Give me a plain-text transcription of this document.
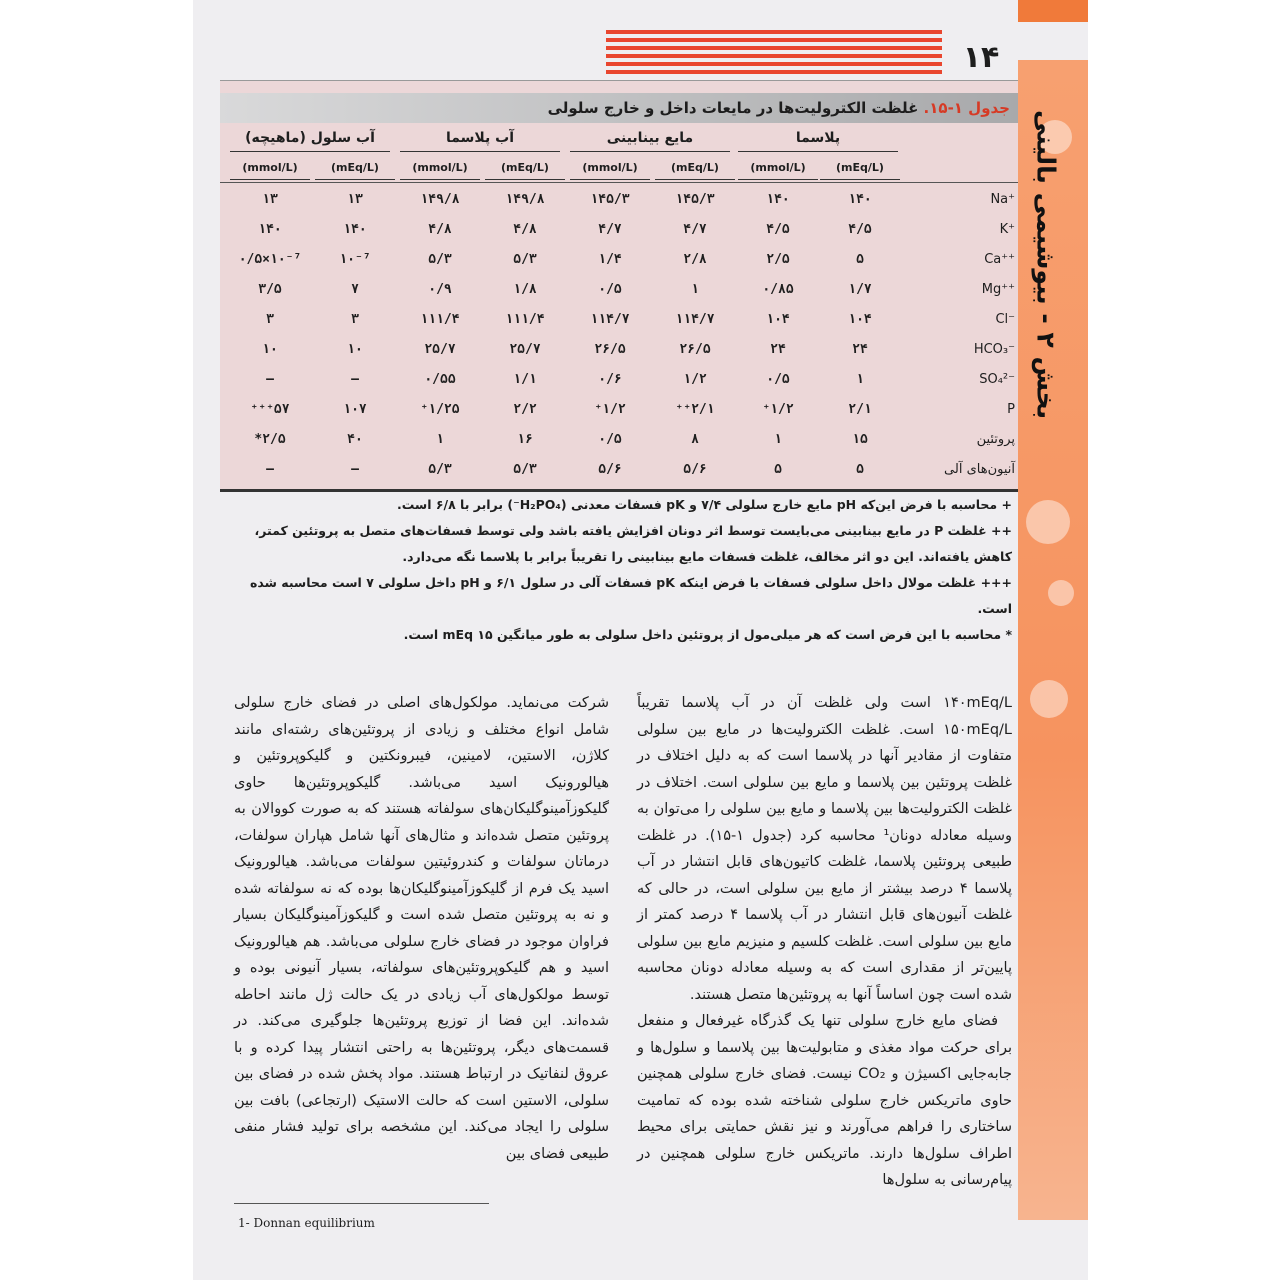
۱۴
بخش ۲ - بیوشیمی بالینی
جدول ۱-۱۵. غلظت الکترولیت‌ها در مایعات داخل و خارج سلولی
پلاسما
مایع بینابینی
آب پلاسما
آب سلول (ماهیچه)
(mEq/L)
(mmol/L)
(mEq/L)
(mmol/L)
(mEq/L)
(mmol/L)
(mEq/L)
(mmol/L)
Na⁺
۱۴۰
۱۴۰
۱۴۵/۳
۱۴۵/۳
۱۴۹/۸
۱۴۹/۸
۱۳
۱۳
K⁺
۴/۵
۴/۵
۴/۷
۴/۷
۴/۸
۴/۸
۱۴۰
۱۴۰
Ca⁺⁺
۵
۲/۵
۲/۸
۱/۴
۵/۳
۵/۳
۱۰⁻⁷
۰/۵×۱۰⁻⁷
Mg⁺⁺
۱/۷
۰/۸۵
۱
۰/۵
۱/۸
۰/۹
۷
۳/۵
Cl⁻
۱۰۴
۱۰۴
۱۱۴/۷
۱۱۴/۷
۱۱۱/۴
۱۱۱/۴
۳
۳
HCO₃⁻
۲۴
۲۴
۲۶/۵
۲۶/۵
۲۵/۷
۲۵/۷
۱۰
۱۰
SO₄²⁻
۱
۰/۵
۱/۲
۰/۶
۱/۱
۰/۵۵
–
–
P
۲/۱
⁺۱/۲
⁺⁺۲/۱
⁺۱/۲
۲/۲
⁺۱/۲۵
۱۰۷
⁺⁺⁺۵۷
پروتئین
۱۵
۱
۸
۰/۵
۱۶
۱
۴۰
*۲/۵
آنیون‌های آلی
۵
۵
۵/۶
۵/۶
۵/۳
۵/۳
–
–

+ محاسبه با فرض این‌که pH مایع خارج سلولی ۷/۴ و pK فسفات معدنی (H₂PO₄⁻) برابر با ۶/۸ است.

++ غلظت P در مایع بینابینی می‌بایست توسط اثر دونان افزایش یافته باشد ولی توسط فسفات‌های متصل به پروتئین کمتر، کاهش یافته‌اند. این دو اثر مخالف، غلظت فسفات مایع بینابینی را تقریباً برابر با پلاسما نگه می‌دارد.

+++ غلظت مولال داخل سلولی فسفات با فرض اینکه pK فسفات آلی در سلول ۶/۱ و pH داخل سلولی ۷ است محاسبه شده است.

* محاسبه با این فرض است که هر میلی‌مول از پروتئین داخل سلولی به طور میانگین ۱۵ mEq است.

۱۴۰mEq/L است ولی غلظت آن در آب پلاسما تقریباً ۱۵۰mEq/L است. غلظت الکترولیت‌ها در مایع بین سلولی متفاوت از مقادیر آنها در پلاسما است که به دلیل اختلاف در غلظت پروتئین بین پلاسما و مایع بین سلولی است. اختلاف در غلظت الکترولیت‌ها بین پلاسما و مایع بین سلولی را می‌توان به وسیله معادله دونان¹ محاسبه کرد (جدول ۱-۱۵). در غلظت طبیعی پروتئین پلاسما، غلظت کاتیون‌های قابل انتشار در آب پلاسما ۴ درصد بیشتر از مایع بین سلولی است، در حالی که غلظت آنیون‌های قابل انتشار در آب پلاسما ۴ درصد کمتر از مایع بین سلولی است. غلظت کلسیم و منیزیم مایع بین سلولی پایین‌تر از مقداری است که به وسیله معادله دونان محاسبه شده است چون اساساً آنها به پروتئین‌ها متصل هستند.

فضای مایع خارج سلولی تنها یک گذرگاه غیرفعال و منفعل برای حرکت مواد مغذی و متابولیت‌ها بین پلاسما و سلول‌ها و جابه‌جایی اکسیژن و CO₂ نیست. فضای خارج سلولی همچنین حاوی ماتریکس خارج سلولی شناخته شده بوده که تمامیت ساختاری را فراهم می‌آورند و نیز نقش حمایتی برای محیط اطراف سلول‌ها دارند. ماتریکس خارج سلولی همچنین در پیام‌رسانی به سلول‌ها

شرکت می‌نماید. مولکول‌های اصلی در فضای خارج سلولی شامل انواع مختلف و زیادی از پروتئین‌های رشته‌ای مانند کلاژن، الاستین، لامینین، فیبرونکتین و گلیکوپروتئین و هیالورونیک اسید می‌باشد. گلیکوپروتئین‌ها حاوی گلیکوزآمینوگلیکان‌های سولفاته هستند که به صورت کووالان به پروتئین متصل شده‌اند و مثال‌های آنها شامل هپاران سولفات، درماتان سولفات و کندروئیتین سولفات می‌باشد. هیالورونیک اسید یک فرم از گلیکوزآمینوگلیکان‌ها بوده که نه سولفاته شده و نه به پروتئین متصل شده است و گلیکوزآمینوگلیکان بسیار فراوان موجود در فضای خارج سلولی می‌باشد. هم هیالورونیک اسید و هم گلیکوپروتئین‌های سولفاته، بسیار آنیونی بوده و توسط مولکول‌های آب زیادی در یک حالت ژل مانند احاطه شده‌اند. این فضا از توزیع پروتئین‌ها جلوگیری می‌کند. در قسمت‌های دیگر، پروتئین‌ها به راحتی انتشار پیدا کرده و با عروق لنفاتیک در ارتباط هستند. مواد پخش شده در فضای بین سلولی، الاستین است که حالت الاستیک (ارتجاعی) بافت بین سلولی را ایجاد می‌کند. این مشخصه برای تولید فشار منفی طبیعی فضای بین

1- Donnan equilibrium
